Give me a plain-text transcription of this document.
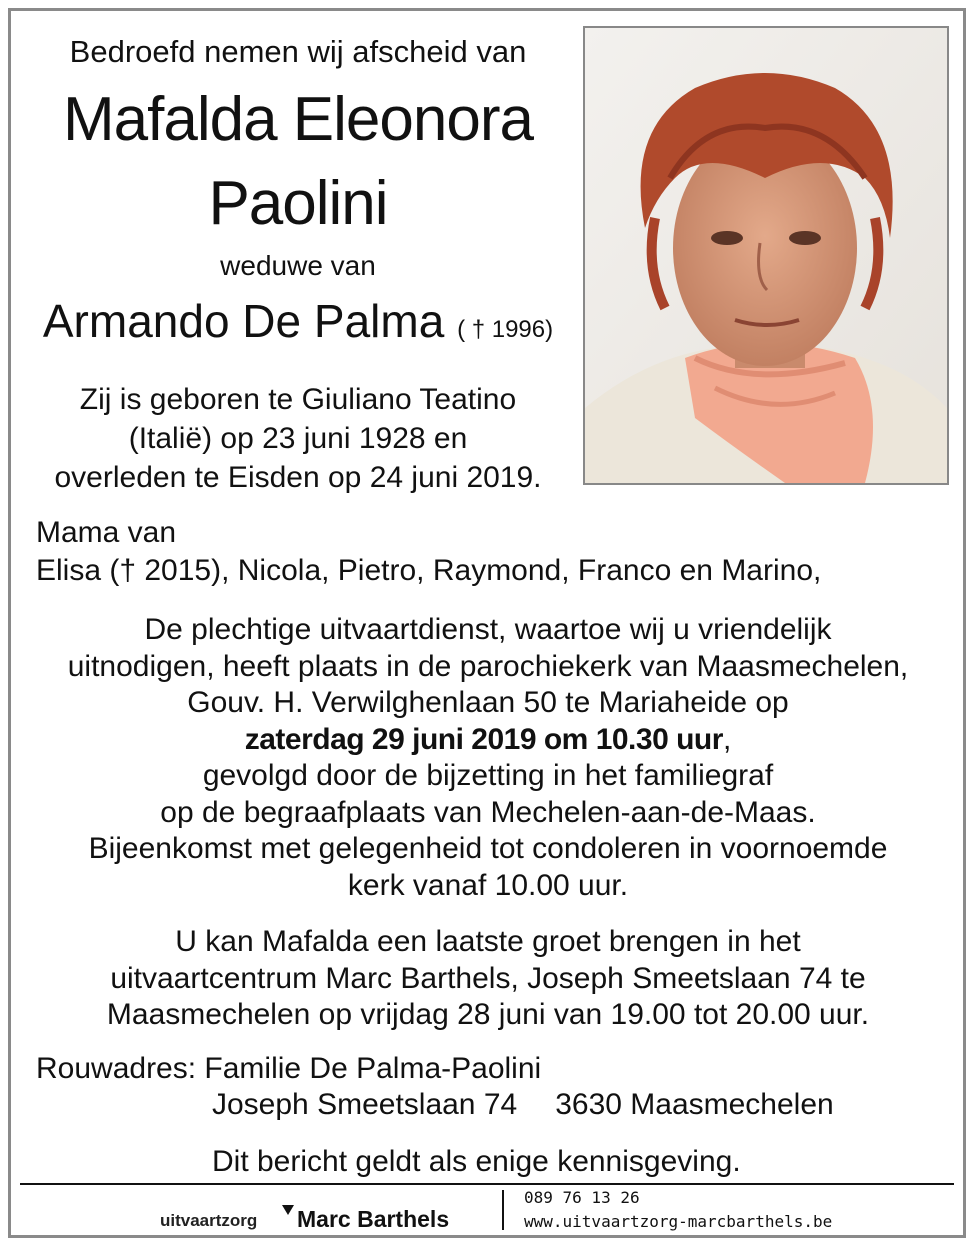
Bedroefd nemen wij afscheid van
Mafalda Eleonora
Paolini
weduwe van
Armando De Palma ( † 1996)
Zij is geboren te Giuliano Teatino
(Italië) op 23 juni 1928 en
overleden te Eisden op 24 juni 2019.
Mama van
Elisa († 2015), Nicola, Pietro, Raymond, Franco en Marino,
De plechtige uitvaartdienst, waartoe wij u vriendelijk
uitnodigen, heeft plaats in de parochiekerk van Maasmechelen,
Gouv. H. Verwilghenlaan 50 te Mariaheide op
zaterdag 29 juni 2019 om 10.30 uur,
gevolgd door de bijzetting in het familiegraf
op de begraafplaats van Mechelen-aan-de-Maas.
Bijeenkomst met gelegenheid tot condoleren in voornoemde
kerk vanaf 10.00 uur.
U kan Mafalda een laatste groet brengen in het
uitvaartcentrum Marc Barthels, Joseph Smeetslaan 74 te
Maasmechelen op vrijdag 28 juni van 19.00 tot 20.00 uur.
Rouwadres: Familie De Palma-Paolini
Joseph Smeetslaan 74 3630 Maasmechelen
Dit bericht geldt als enige kennisgeving.
uitvaartzorg Marc Barthels
089 76 13 26
www.uitvaartzorg-marcbarthels.be
